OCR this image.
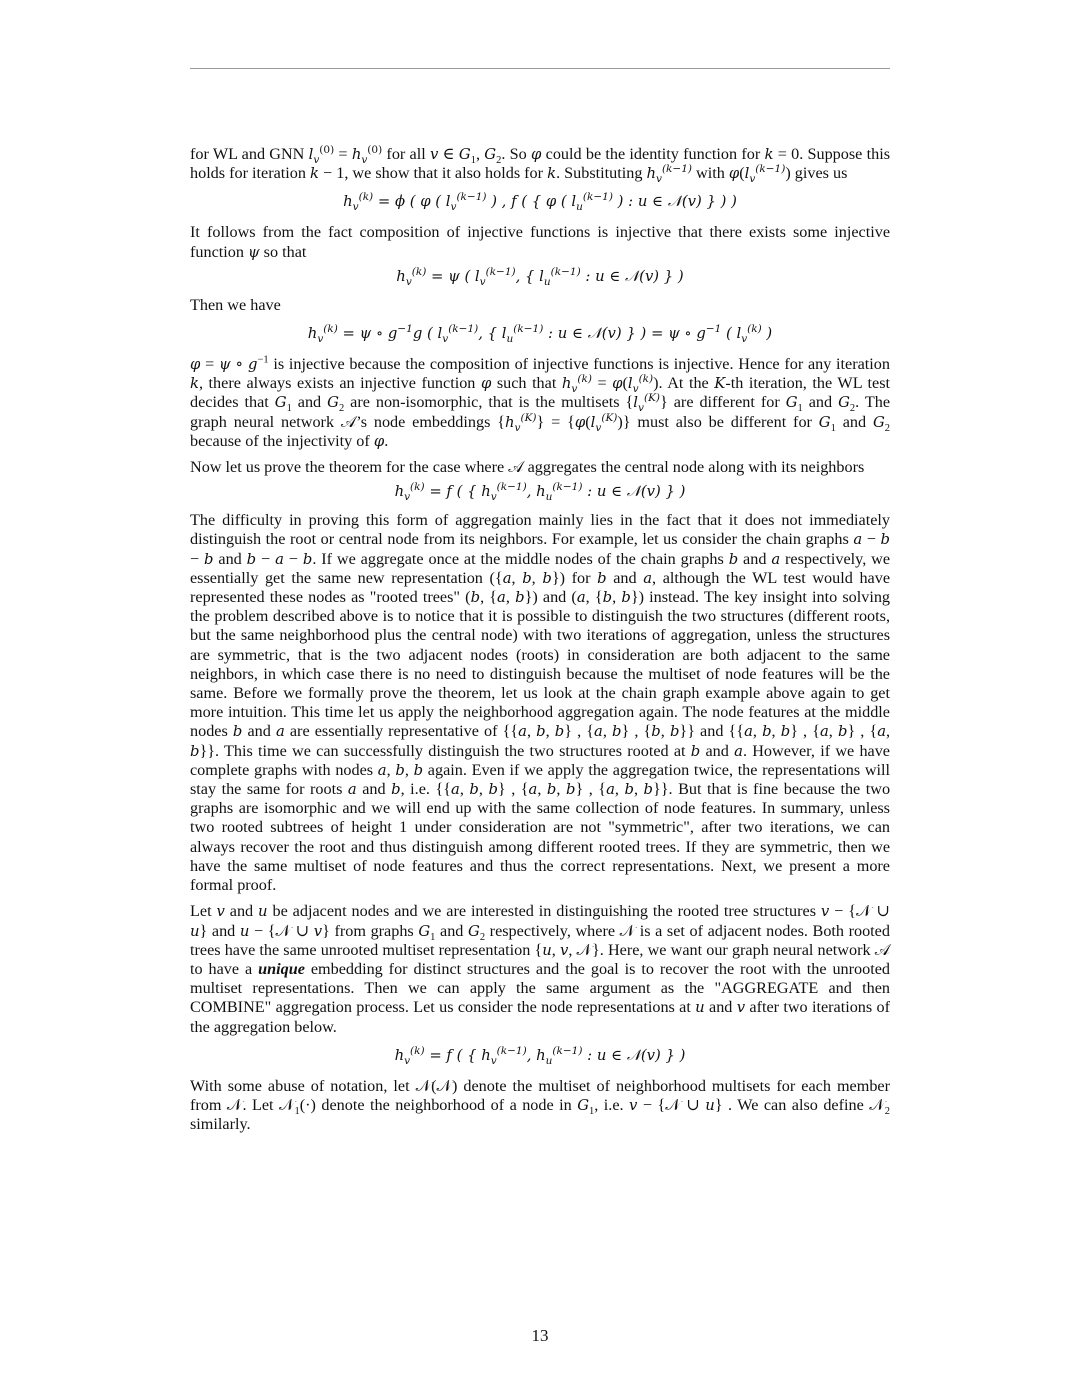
for WL and GNN $l_v^{(0)} = h_v^{(0)}$ for all v ∈ $G_1$, $G_2$. So φ could be the identity function for k = 0. Suppose this holds for iteration k − 1, we show that it also holds for k. Substituting $h_v^{(k-1)}$ with $\varphi(l_v^{(k-1)})$ gives us

$h_v^{(k)} = \phi$ ( φ ( $l_v^{(k-1)}$ ) , f ( { φ ( $l_u^{(k-1)}$ ) : u ∈ 𝒩(v) } ) )

It follows from the fact composition of injective functions is injective that there exists some injective function ψ so that

$h_v^{(k)} = \psi$ ( $l_v^{(k-1)}$, { $l_u^{(k-1)}$ : u ∈ 𝒩(v) } )

Then we have

$h_v^{(k)} = \psi$ ∘ $g^{-1}g$ ( $l_v^{(k-1)}$, { $l_u^{(k-1)}$ : u ∈ 𝒩(v) } ) = ψ ∘ $g^{-1}$ ( $l_v^{(k)}$ )

φ = ψ ∘ $g^{-1}$ is injective because the composition of injective functions is injective. Hence for any iteration k, there always exists an injective function φ such that $h_v^{(k)} = \varphi(l_v^{(k)})$. At the K-th iteration, the WL test decides that $G_1$ and $G_2$ are non-isomorphic, that is the multisets $\{l_v^{(K)}\}$ are different for $G_1$ and $G_2$. The graph neural network 𝒜’s node embeddings $\{h_v^{(K)}\} = \{\varphi(l_v^{(K)})\}$ must also be different for $G_1$ and $G_2$ because of the injectivity of φ.

Now let us prove the theorem for the case where 𝒜 aggregates the central node along with its neighbors

$h_v^{(k)} = f$ ( { $h_v^{(k-1)}$, $h_u^{(k-1)}$ : u ∈ 𝒩(v) } )

The difficulty in proving this form of aggregation mainly lies in the fact that it does not immediately distinguish the root or central node from its neighbors. For example, let us consider the chain graphs a − b − b and b − a − b. If we aggregate once at the middle nodes of the chain graphs b and a respectively, we essentially get the same new representation ({a, b, b}) for b and a, although the WL test would have represented these nodes as "rooted trees" (b, {a, b}) and (a, {b, b}) instead. The key insight into solving the problem described above is to notice that it is possible to distinguish the two structures (different roots, but the same neighborhood plus the central node) with two iterations of aggregation, unless the structures are symmetric, that is the two adjacent nodes (roots) in consideration are both adjacent to the same neighbors, in which case there is no need to distinguish because the multiset of node features will be the same. Before we formally prove the theorem, let us look at the chain graph example above again to get more intuition. This time let us apply the neighborhood aggregation again. The node features at the middle nodes b and a are essentially representative of {{a, b, b} , {a, b} , {b, b}} and {{a, b, b} , {a, b} , {a, b}}. This time we can successfully distinguish the two structures rooted at b and a. However, if we have complete graphs with nodes a, b, b again. Even if we apply the aggregation twice, the representations will stay the same for roots a and b, i.e. {{a, b, b} , {a, b, b} , {a, b, b}}. But that is fine because the two graphs are isomorphic and we will end up with the same collection of node features. In summary, unless two rooted subtrees of height 1 under consideration are not "symmetric", after two iterations, we can always recover the root and thus distinguish among different rooted trees. If they are symmetric, then we have the same multiset of node features and thus the correct representations. Next, we present a more formal proof.

Let v and u be adjacent nodes and we are interested in distinguishing the rooted tree structures v − {𝒩 ∪ u} and u − {𝒩 ∪ v} from graphs $G_1$ and $G_2$ respectively, where 𝒩 is a set of adjacent nodes. Both rooted trees have the same unrooted multiset representation {u, v, 𝒩}. Here, we want our graph neural network 𝒜 to have a unique embedding for distinct structures and the goal is to recover the root with the unrooted multiset representations. Then we can apply the same argument as the "AGGREGATE and then COMBINE" aggregation process. Let us consider the node representations at u and v after two iterations of the aggregation below.

$h_v^{(k)} = f$ ( { $h_v^{(k-1)}$, $h_u^{(k-1)}$ : u ∈ 𝒩(v) } )

With some abuse of notation, let 𝒩(𝒩) denote the multiset of neighborhood multisets for each member from 𝒩. Let 𝒩$_1$(·) denote the neighborhood of a node in $G_1$, i.e. v − {𝒩 ∪ u} . We can also define 𝒩$_2$ similarly.

13
